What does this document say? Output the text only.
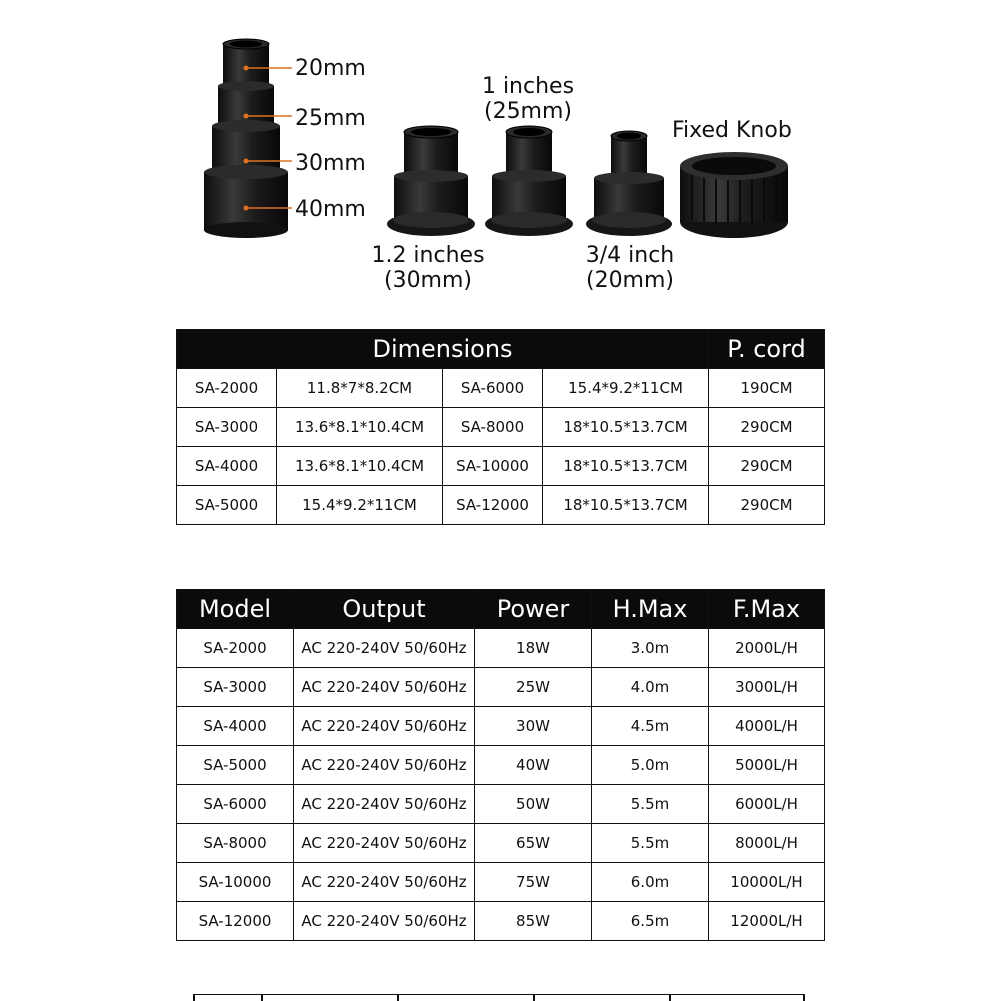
20mm
25mm
30mm
40mm
1.2 inches
(30mm)
1 inches
(25mm)
3/4 inch
(20mm)
Fixed Knob
Dimensions				P. cord
SA-2000	11.8*7*8.2CM	SA-6000	15.4*9.2*11CM	190CM
SA-3000	13.6*8.1*10.4CM	SA-8000	18*10.5*13.7CM	290CM
SA-4000	13.6*8.1*10.4CM	SA-10000	18*10.5*13.7CM	290CM
SA-5000	15.4*9.2*11CM	SA-12000	18*10.5*13.7CM	290CM
Model	Output	Power	H.Max	F.Max
SA-2000	AC 220-240V 50/60Hz	18W	3.0m	2000L/H
SA-3000	AC 220-240V 50/60Hz	25W	4.0m	3000L/H
SA-4000	AC 220-240V 50/60Hz	30W	4.5m	4000L/H
SA-5000	AC 220-240V 50/60Hz	40W	5.0m	5000L/H
SA-6000	AC 220-240V 50/60Hz	50W	5.5m	6000L/H
SA-8000	AC 220-240V 50/60Hz	65W	5.5m	8000L/H
SA-10000	AC 220-240V 50/60Hz	75W	6.0m	10000L/H
SA-12000	AC 220-240V 50/60Hz	85W	6.5m	12000L/H
